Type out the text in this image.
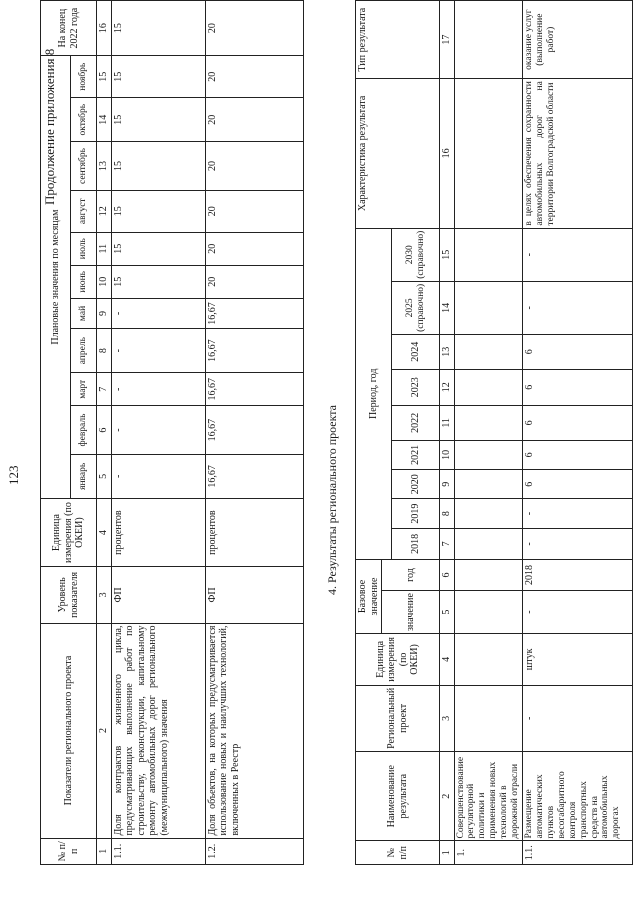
123
Продолжение приложения 8
№ п/п	Показатели регионального проекта	Уровень показателя	Единица измерения (по ОКЕИ)	Плановые значения по месяцам											На конец 2022 года
				январь	февраль	март	апрель	май	июнь	июль	август	сентябрь	октябрь	ноябрь	
1	2	3	4	5	6	7	8	9	10	11	12	13	14	15	16
1.1.	Доля контрактов жизненного цикла, предусматривающих выполнение работ по строительству, реконструкции, капитальному ремонту автомобильных дорог регионального (межмуниципального) значения	ФП	процентов	-	-	-	-	-	15	15	15	15	15	15	15
1.2.	Доля объектов, на которых предусматривается использование новых и наилучших технологий, включенных в Реестр	ФП	процентов	16,67	16,67	16,67	16,67	16,67	20	20	20	20	20	20	20
4. Результаты регионального проекта
№ п/п	Наименование результата	Региональный проект	Единица измерения (по ОКЕИ)	Базовое значение		Период, год									Характеристика результата	Тип результата
				значение	год											
						2018	2019	2020	2021	2022	2023	2024	2025 (справочно)	2030 (справочно)		
1	2	3	4	5	6	7	8	9	10	11	12	13	14	15	16	17
1.	Совершенствование регуляторной политики и применения новых технологий в дорожной отрасли															
1.1.	Размещение автоматических пунктов весогабаритного контроля транспортных средств на автомобильных дорогах	-	штук	-	2018	-	-	6	6	6	6	6	-	-	в целях обеспечения сохранности автомобильных дорог на территории Волгоградской области	оказание услуг (выполнение работ)
